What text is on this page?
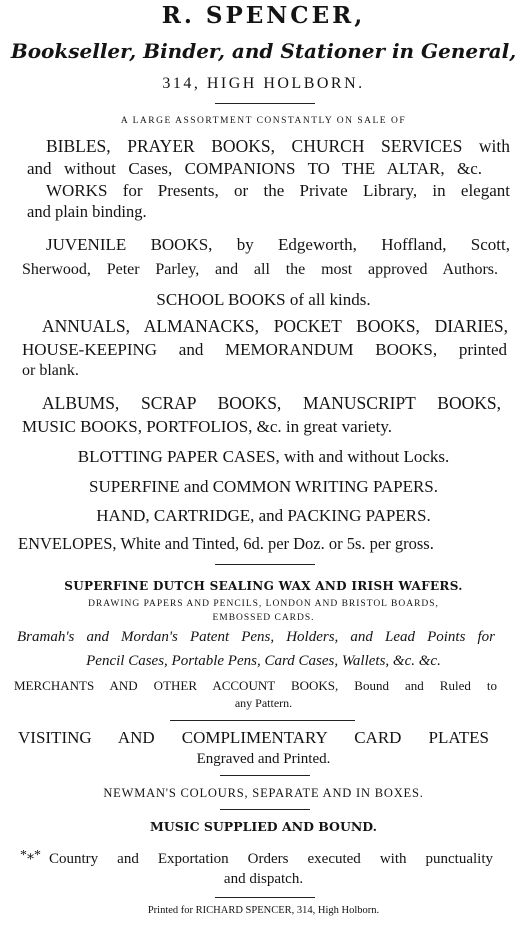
R. SPENCER,
Bookseller, Binder, and Stationer in General,
314, HIGH HOLBORN.
A LARGE ASSORTMENT CONSTANTLY ON SALE OF
BIBLES, PRAYER BOOKS, CHURCH SERVICES with
and without Cases, COMPANIONS TO THE ALTAR, &c.
WORKS for Presents, or the Private Library, in elegant
and plain binding.
JUVENILE BOOKS, by Edgeworth, Hoffland, Scott,
Sherwood, Peter Parley, and all the most approved Authors.
SCHOOL BOOKS of all kinds.
ANNUALS, ALMANACKS, POCKET BOOKS, DIARIES,
HOUSE-KEEPING and MEMORANDUM BOOKS, printed
or blank.
ALBUMS, SCRAP BOOKS, MANUSCRIPT BOOKS,
MUSIC BOOKS, PORTFOLIOS, &c. in great variety.
BLOTTING PAPER CASES, with and without Locks.
SUPERFINE and COMMON WRITING PAPERS.
HAND, CARTRIDGE, and PACKING PAPERS.
ENVELOPES, White and Tinted, 6d. per Doz. or 5s. per gross.
SUPERFINE DUTCH SEALING WAX AND IRISH WAFERS.
DRAWING PAPERS AND PENCILS, LONDON AND BRISTOL BOARDS,
EMBOSSED CARDS.
Bramah's and Mordan's Patent Pens, Holders, and Lead Points for
Pencil Cases, Portable Pens, Card Cases, Wallets, &c. &c.
MERCHANTS AND OTHER ACCOUNT BOOKS, Bound and Ruled to
any Pattern.
VISITING AND COMPLIMENTARY CARD PLATES
Engraved and Printed.
NEWMAN'S COLOURS, SEPARATE AND IN BOXES.
MUSIC SUPPLIED AND BOUND.
*⁎* Country and Exportation Orders executed with punctuality
and dispatch.
Printed for RICHARD SPENCER, 314, High Holborn.
